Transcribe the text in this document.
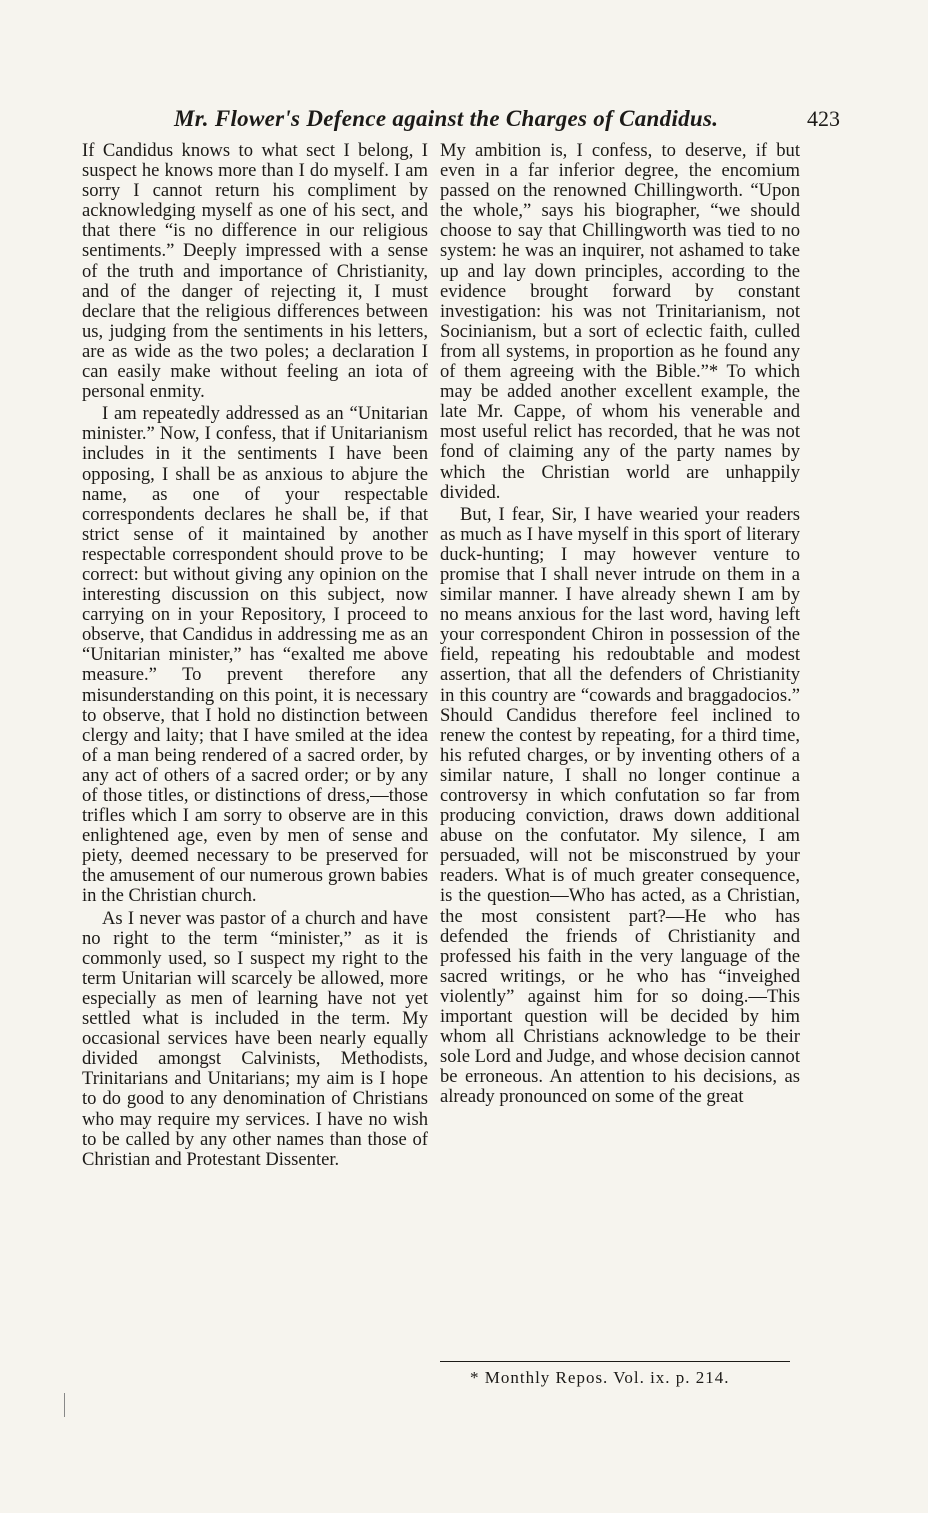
Mr. Flower's Defence against the Charges of Candidus.	423

If Candidus knows to what sect I belong, I suspect he knows more than I do myself. I am sorry I cannot return his compliment by acknowledging myself as one of his sect, and that there “is no difference in our religious sentiments.” Deeply impressed with a sense of the truth and importance of Christianity, and of the danger of rejecting it, I must declare that the religious differences between us, judging from the sentiments in his letters, are as wide as the two poles; a declaration I can easily make without feeling an iota of personal enmity.

I am repeatedly addressed as an “Unitarian minister.” Now, I confess, that if Unitarianism includes in it the sentiments I have been opposing, I shall be as anxious to abjure the name, as one of your respectable correspondents declares he shall be, if that strict sense of it maintained by another respectable correspondent should prove to be correct: but without giving any opinion on the interesting discussion on this subject, now carrying on in your Repository, I proceed to observe, that Candidus in addressing me as an “Unitarian minister,” has “exalted me above measure.” To prevent therefore any misunderstanding on this point, it is necessary to observe, that I hold no distinction between clergy and laity; that I have smiled at the idea of a man being rendered of a sacred order, by any act of others of a sacred order; or by any of those titles, or distinctions of dress,—those trifles which I am sorry to observe are in this enlightened age, even by men of sense and piety, deemed necessary to be preserved for the amusement of our numerous grown babies in the Christian church.

As I never was pastor of a church and have no right to the term “minister,” as it is commonly used, so I suspect my right to the term Unitarian will scarcely be allowed, more especially as men of learning have not yet settled what is included in the term. My occasional services have been nearly equally divided amongst Calvinists, Methodists, Trinitarians and Unitarians; my aim is I hope to do good to any denomination of Christians who may require my services. I have no wish to be called by any other names than those of Christian and Protestant Dissenter.

My ambition is, I confess, to deserve, if but even in a far inferior degree, the encomium passed on the renowned Chillingworth. “Upon the whole,” says his biographer, “we should choose to say that Chillingworth was tied to no system: he was an inquirer, not ashamed to take up and lay down principles, according to the evidence brought forward by constant investigation: his was not Trinitarianism, not Socinianism, but a sort of eclectic faith, culled from all systems, in proportion as he found any of them agreeing with the Bible.”* To which may be added another excellent example, the late Mr. Cappe, of whom his venerable and most useful relict has recorded, that he was not fond of claiming any of the party names by which the Christian world are unhappily divided.

But, I fear, Sir, I have wearied your readers as much as I have myself in this sport of literary duck-hunting; I may however venture to promise that I shall never intrude on them in a similar manner. I have already shewn I am by no means anxious for the last word, having left your correspondent Chiron in possession of the field, repeating his redoubtable and modest assertion, that all the defenders of Christianity in this country are “cowards and braggadocios.” Should Candidus therefore feel inclined to renew the contest by repeating, for a third time, his refuted charges, or by inventing others of a similar nature, I shall no longer continue a controversy in which confutation so far from producing conviction, draws down additional abuse on the confutator. My silence, I am persuaded, will not be misconstrued by your readers. What is of much greater consequence, is the question—Who has acted, as a Christian, the most consistent part?—He who has defended the friends of Christianity and professed his faith in the very language of the sacred writings, or he who has “inveighed violently” against him for so doing.—This important question will be decided by him whom all Christians acknowledge to be their sole Lord and Judge, and whose decision cannot be erroneous. An attention to his decisions, as already pronounced on some of the great

* Monthly Repos. Vol. ix. p. 214.
